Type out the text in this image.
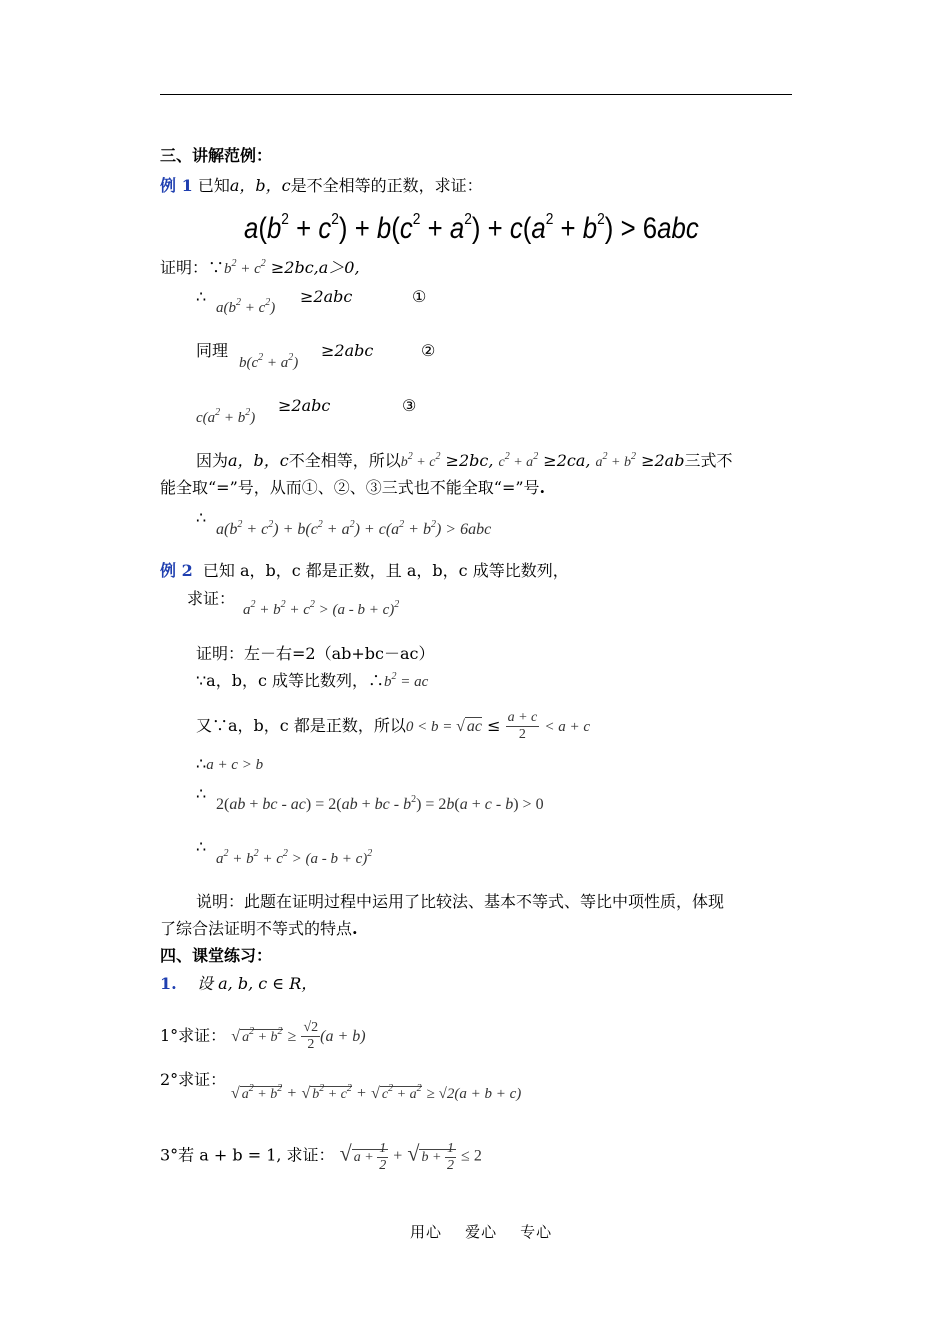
三、讲解范例：
例 1 已知a，b，c是不全相等的正数，求证：
$a(b^2 + c^2) + b(c^2 + a^2) + c(a^2 + b^2) > 6abc$
证明：$\because b^2 + c^2 \ge 2bc,a>0$,
∴
$a(b^2 + c^2)$
≥2abc	①
同理
$b(c^2 + a^2)$
≥2abc	②
$c(a^2 + b^2)$
≥2abc	③
因为a，b，c不全相等，所以$b^2 + c^2 \ge 2bc$, $c^2 + a^2 \ge 2ca$, $a^2 + b^2 \ge 2ab$三式不
能全取“=”号，从而①、②、③三式也不能全取“=”号.
∴
$a(b^2 + c^2) + b(c^2 + a^2) + c(a^2 + b^2) > 6abc$
例 2 已知 a，b，c 都是正数，且 a，b，c 成等比数列，
求证：
$a^2 + b^2 + c^2 > (a - b + c)^2$
证明：左－右=2（ab+bc－ac）
∵a，b，c 成等比数列，$\therefore b^2$ = ac
又∵a，b，c 都是正数，所以0 < b = √ ac ≤ $\frac{a + c}{2} < a + c$
∴a + c > b
∴
2(ab + bc - ac) = 2(ab + bc - $b^2) = 2b(a + c - b) > 0$
∴
$a^2 + b^2 + c^2 > (a - b + c)^2$
说明：此题在证明过程中运用了比较法、基本不等式、等比中项性质，体现
了综合法证明不等式的特点.
四、课堂练习：
1. 设 a, b, c ∈ R，
1°求证： √ $a^2 + b^2 \ge \frac{√2}{2} (a + b)$
2°求证：
√ $a^2 + b^2$ + √ $b^2 + c^2$ + √ $c^2 + a^2 \ge √2(a + b + c)$
3°若 a + b = 1, 求证： √ $a + \frac{1}{2}$ + √ $b + \frac{1}{2} \le 2$
用心    爱心    专心
